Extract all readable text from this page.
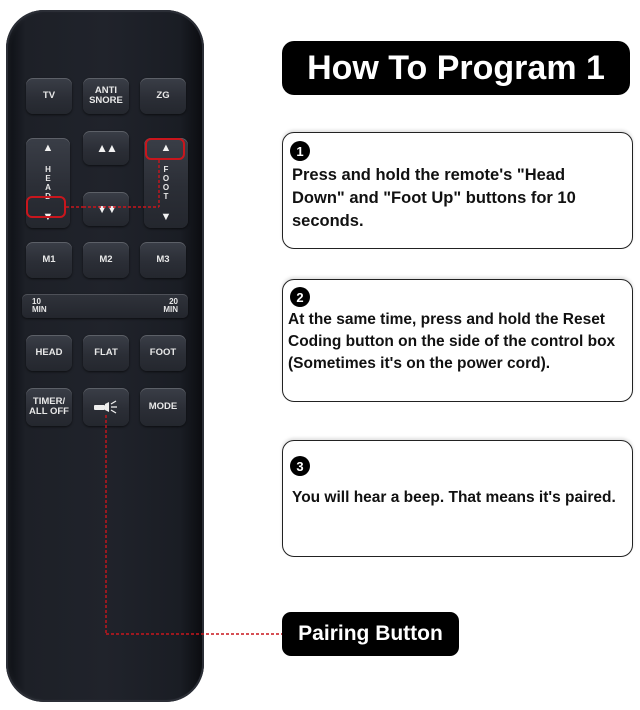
TV	ANTI
SNORE	ZG
▲
H
E
A
D
▼
▲▲
▼▼
▲
F
O
O
T
▼
M1	M2	M3
10
MIN
20
MIN
HEAD	FLAT	FOOT
TIMER/
ALL OFF	MODE
How To Program 1
1
Press and hold the remote's "Head Down" and "Foot Up" buttons for 10 seconds.
2
At the same time, press and hold the Reset Coding button on the side of the control box (Sometimes it's on the power cord).
3
You will hear a beep. That means it's paired.
Pairing Button
